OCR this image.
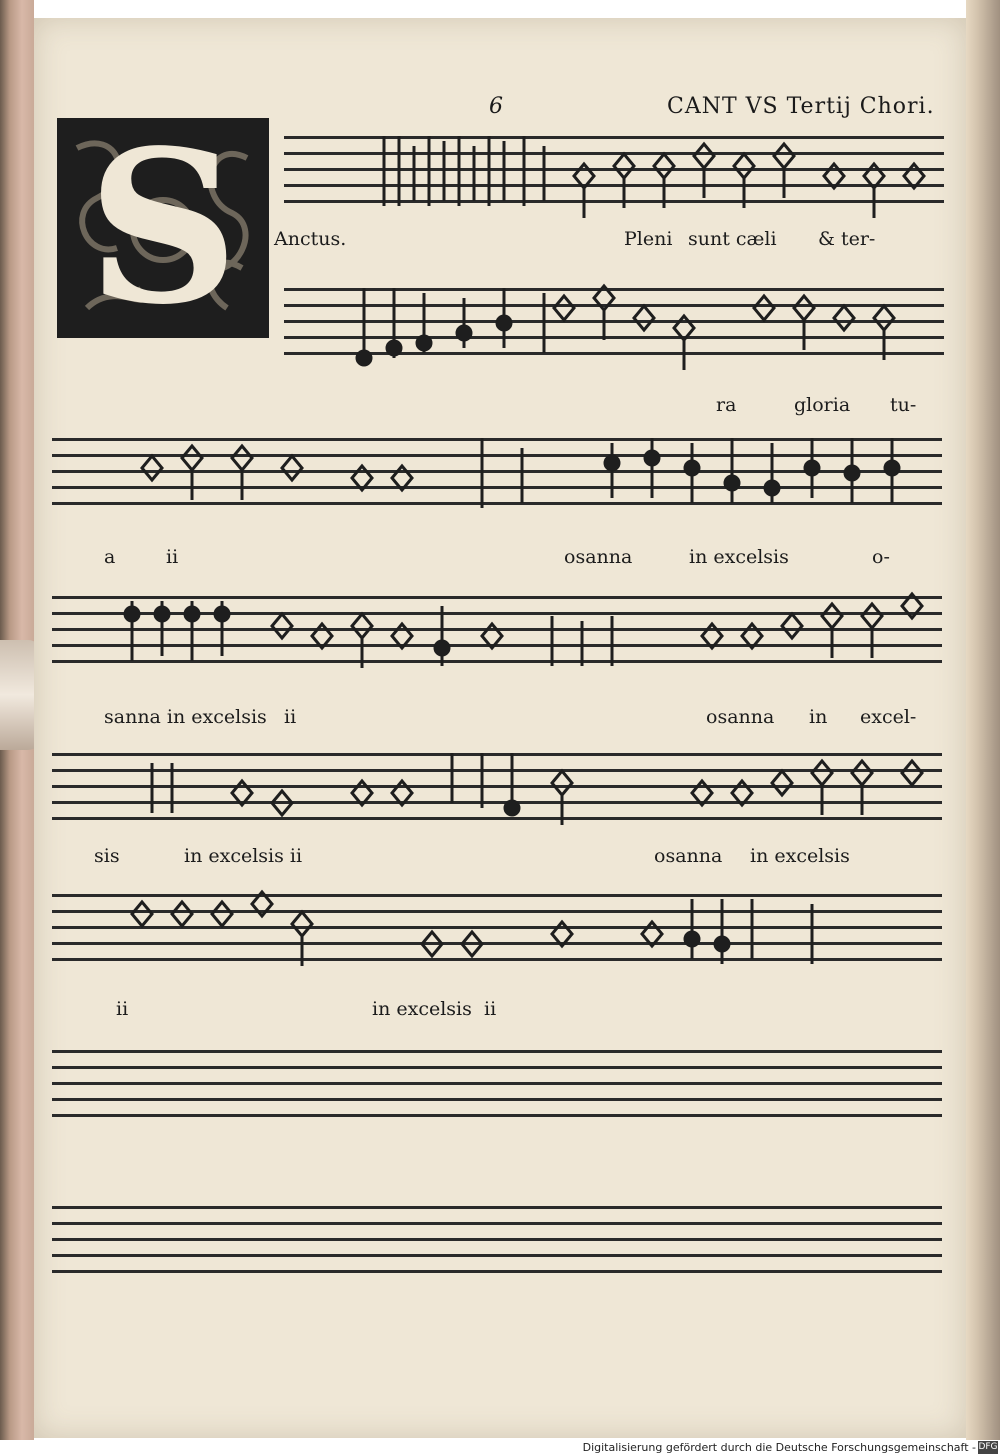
6	CANT VS Tertij Chori.
S	Anctus.	Pleni sunt cæli & ter-
ra	gloria tu-
a	ii	osanna	in excelsis	o-
sanna in excelsis ii	osanna in excel-
sis	in excelsis ii	osanna in excelsis
ii	in excelsis ii
Digitalisierung gefördert durch die Deutsche Forschungsgemeinschaft - DFG
